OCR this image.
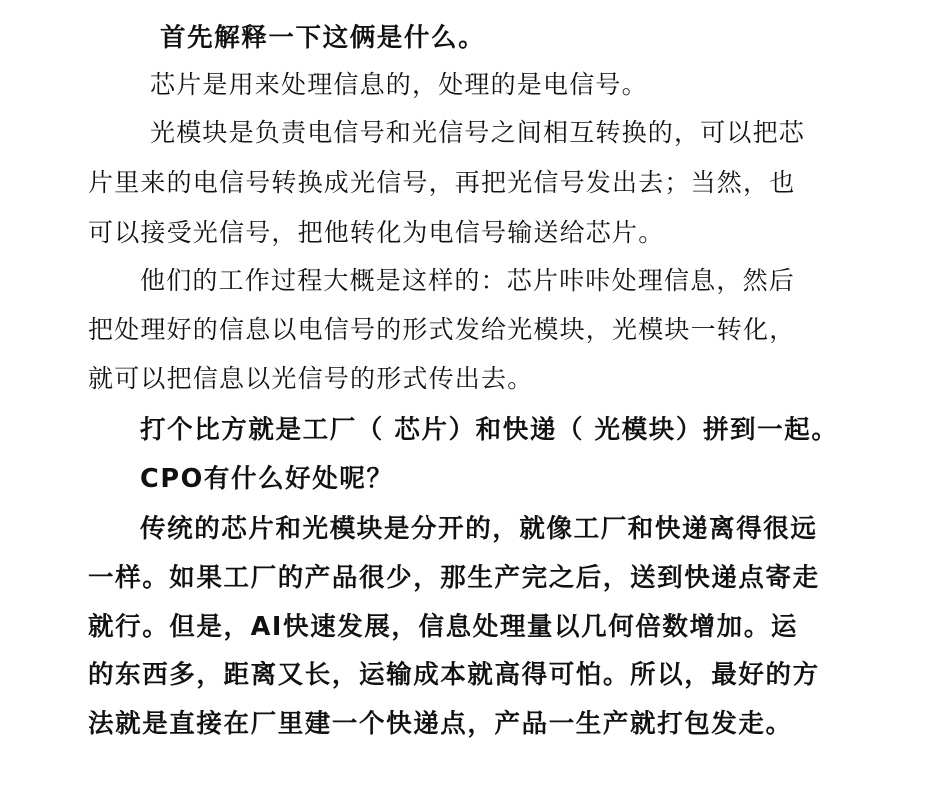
首先解释一下这俩是什么。
芯片是用来处理信息的，处理的是电信号。
光模块是负责电信号和光信号之间相互转换的，可以把芯
片里来的电信号转换成光信号，再把光信号发出去；当然，也
可以接受光信号，把他转化为电信号输送给芯片。
他们的工作过程大概是这样的：芯片咔咔处理信息，然后
把处理好的信息以电信号的形式发给光模块，光模块一转化，
就可以把信息以光信号的形式传出去。
打个比方就是工厂（ 芯片）和快递（ 光模块）拼到一起。
CPO有什么好处呢？
传统的芯片和光模块是分开的，就像工厂和快递离得很远
一样。如果工厂的产品很少，那生产完之后，送到快递点寄走
就行。但是，AI快速发展，信息处理量以几何倍数增加。运
的东西多，距离又长，运输成本就高得可怕。所以，最好的方
法就是直接在厂里建一个快递点，产品一生产就打包发走。
